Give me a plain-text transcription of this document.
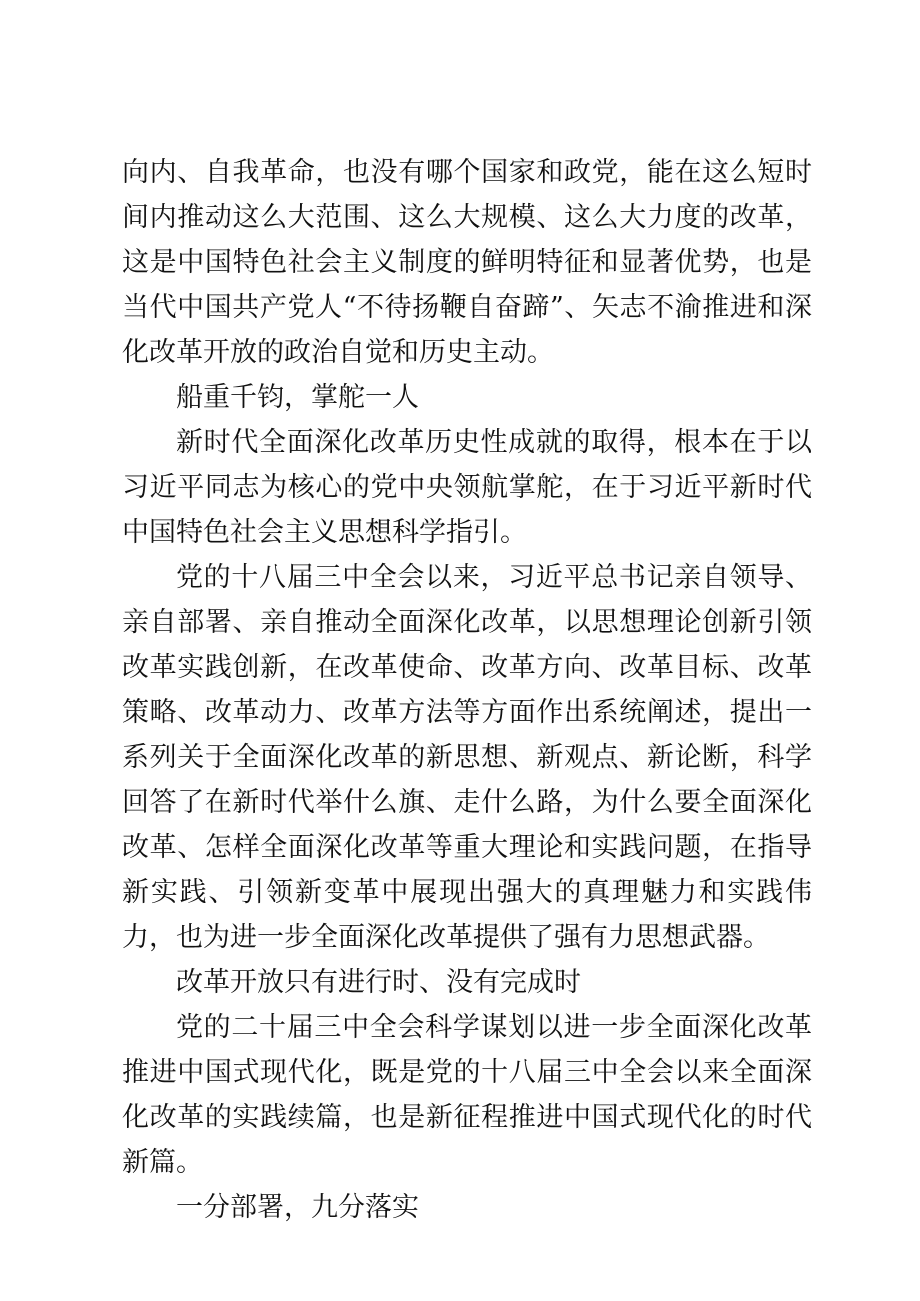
向内、自我革命，也没有哪个国家和政党，能在这么短时间内推动这么大范围、这么大规模、这么大力度的改革，这是中国特色社会主义制度的鲜明特征和显著优势，也是当代中国共产党人“不待扬鞭自奋蹄”、矢志不渝推进和深化改革开放的政治自觉和历史主动。

船重千钧，掌舵一人

新时代全面深化改革历史性成就的取得，根本在于以习近平同志为核心的党中央领航掌舵，在于习近平新时代中国特色社会主义思想科学指引。

党的十八届三中全会以来，习近平总书记亲自领导、亲自部署、亲自推动全面深化改革，以思想理论创新引领改革实践创新，在改革使命、改革方向、改革目标、改革策略、改革动力、改革方法等方面作出系统阐述，提出一系列关于全面深化改革的新思想、新观点、新论断，科学回答了在新时代举什么旗、走什么路，为什么要全面深化改革、怎样全面深化改革等重大理论和实践问题，在指导新实践、引领新变革中展现出强大的真理魅力和实践伟力，也为进一步全面深化改革提供了强有力思想武器。

改革开放只有进行时、没有完成时

党的二十届三中全会科学谋划以进一步全面深化改革推进中国式现代化，既是党的十八届三中全会以来全面深化改革的实践续篇，也是新征程推进中国式现代化的时代新篇。

一分部署，九分落实
